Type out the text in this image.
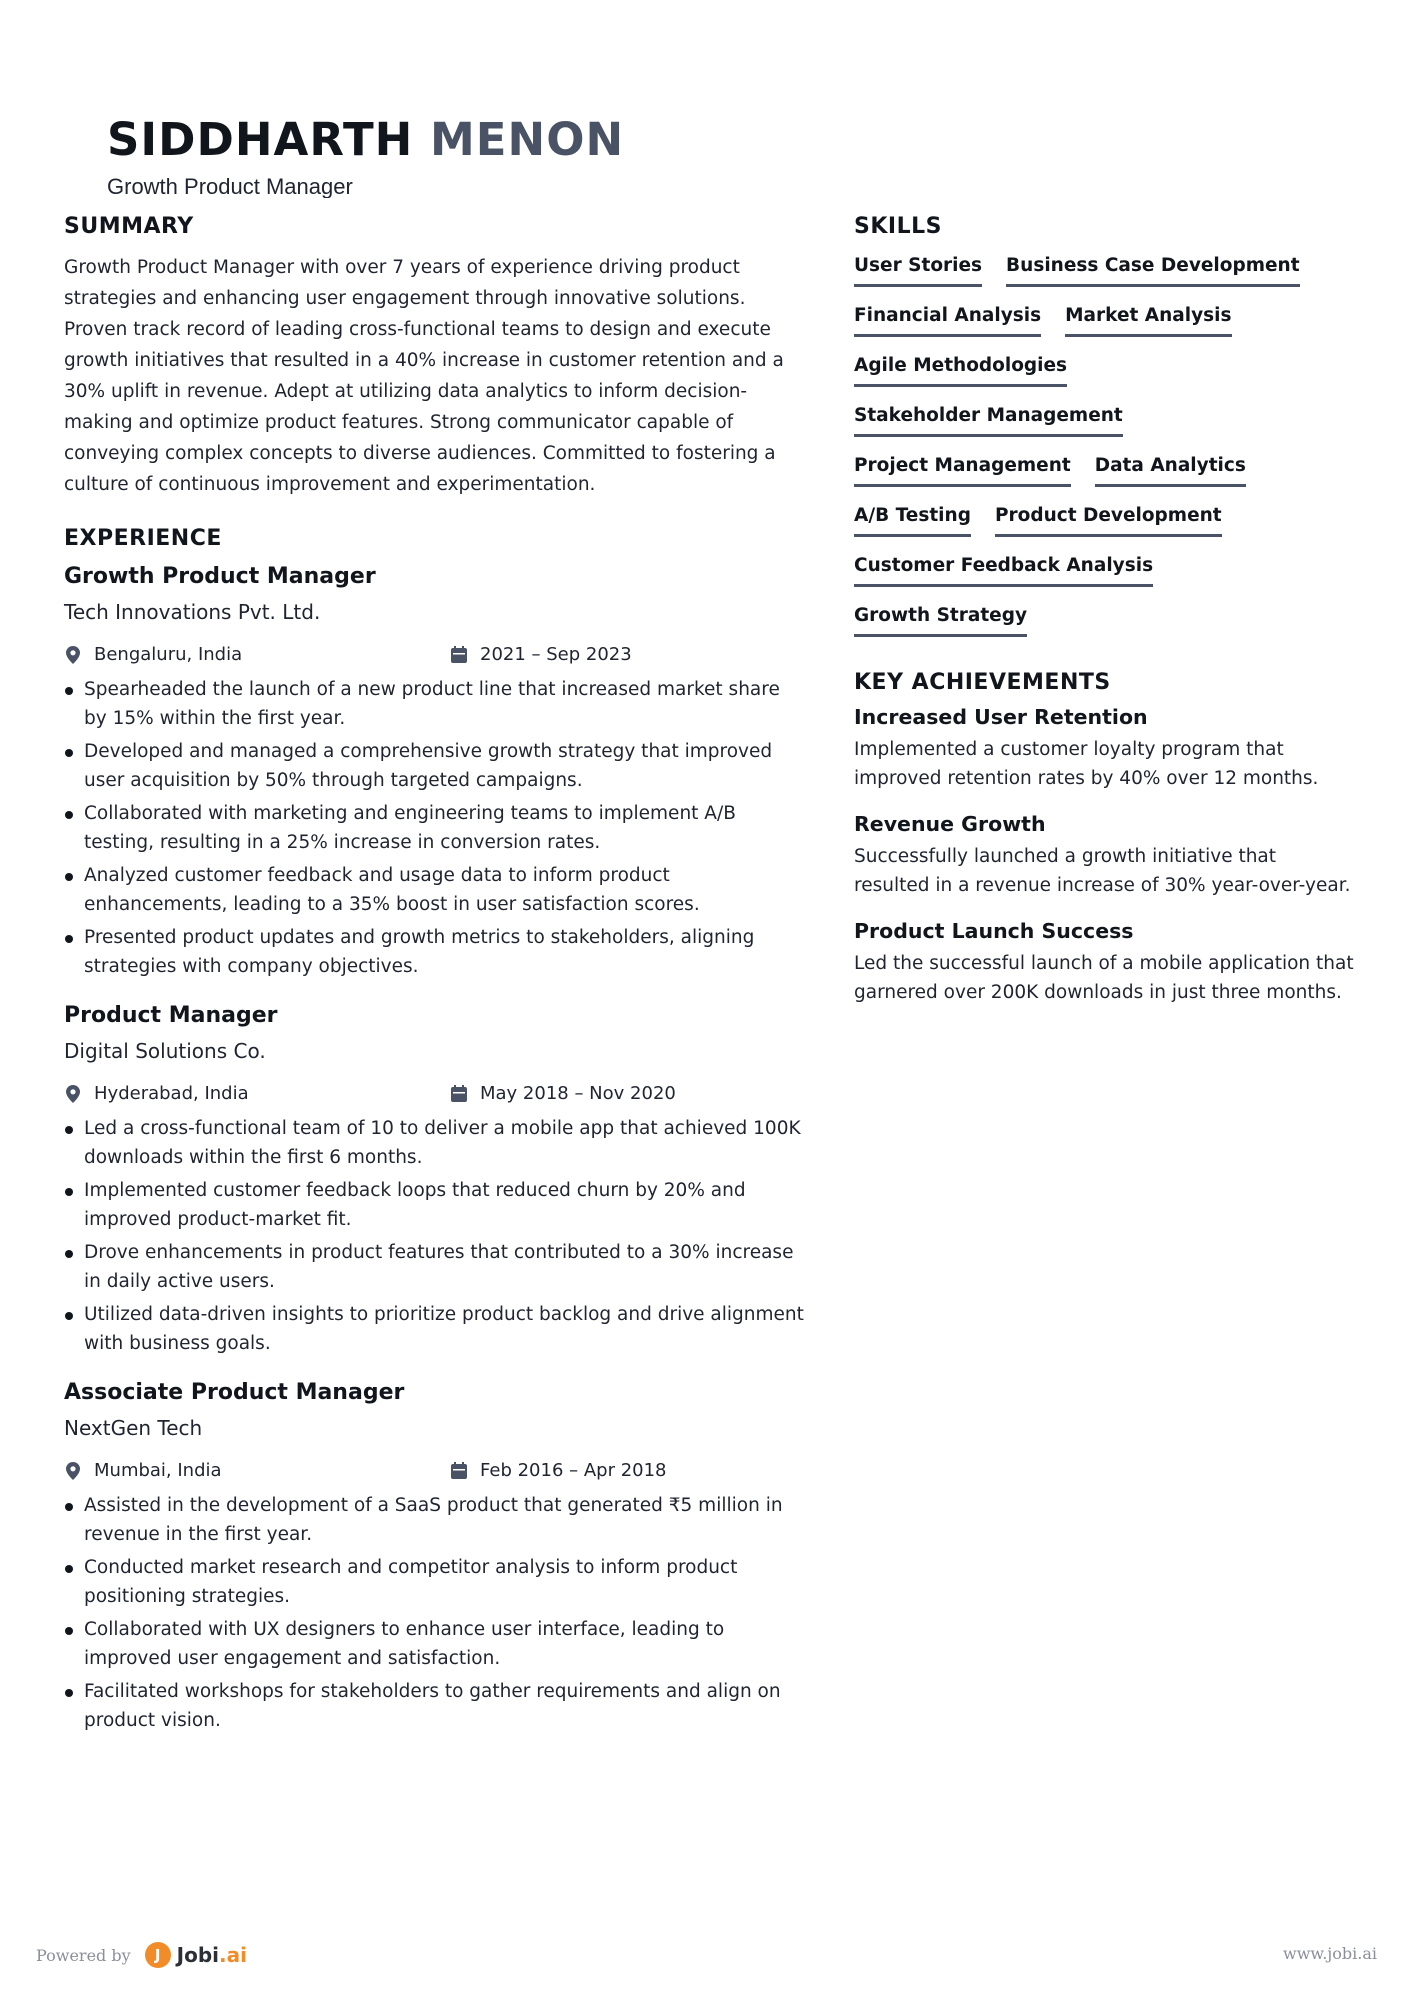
SIDDHARTH MENON
Growth Product Manager
SUMMARY

Growth Product Manager with over 7 years of experience driving product strategies and enhancing user engagement through innovative solutions. Proven track record of leading cross-functional teams to design and execute growth initiatives that resulted in a 40% increase in customer retention and a 30% uplift in revenue. Adept at utilizing data analytics to inform decision-making and optimize product features. Strong communicator capable of conveying complex concepts to diverse audiences. Committed to fostering a culture of continuous improvement and experimentation.

EXPERIENCE
Growth Product Manager
Tech Innovations Pvt. Ltd.
Bengaluru, India	2021 – Sep 2023
Spearheaded the launch of a new product line that increased market share by 15% within the first year.
Developed and managed a comprehensive growth strategy that improved user acquisition by 50% through targeted campaigns.
Collaborated with marketing and engineering teams to implement A/B testing, resulting in a 25% increase in conversion rates.
Analyzed customer feedback and usage data to inform product enhancements, leading to a 35% boost in user satisfaction scores.
Presented product updates and growth metrics to stakeholders, aligning strategies with company objectives.
Product Manager
Digital Solutions Co.
Hyderabad, India	May 2018 – Nov 2020
Led a cross-functional team of 10 to deliver a mobile app that achieved 100K downloads within the first 6 months.
Implemented customer feedback loops that reduced churn by 20% and improved product-market fit.
Drove enhancements in product features that contributed to a 30% increase in daily active users.
Utilized data-driven insights to prioritize product backlog and drive alignment with business goals.
Associate Product Manager
NextGen Tech
Mumbai, India	Feb 2016 – Apr 2018
Assisted in the development of a SaaS product that generated ₹5 million in revenue in the first year.
Conducted market research and competitor analysis to inform product positioning strategies.
Collaborated with UX designers to enhance user interface, leading to improved user engagement and satisfaction.
Facilitated workshops for stakeholders to gather requirements and align on product vision.
SKILLS
User Stories Business Case Development
Financial Analysis Market Analysis
Agile Methodologies
Stakeholder Management
Project Management Data Analytics
A/B Testing Product Development
Customer Feedback Analysis
Growth Strategy
KEY ACHIEVEMENTS
Increased User Retention

Implemented a customer loyalty program that improved retention rates by 40% over 12 months.

Revenue Growth

Successfully launched a growth initiative that resulted in a revenue increase of 30% year-over-year.

Product Launch Success

Led the successful launch of a mobile application that garnered over 200K downloads in just three months.

Powered by	J Jobi.ai	www.jobi.ai
